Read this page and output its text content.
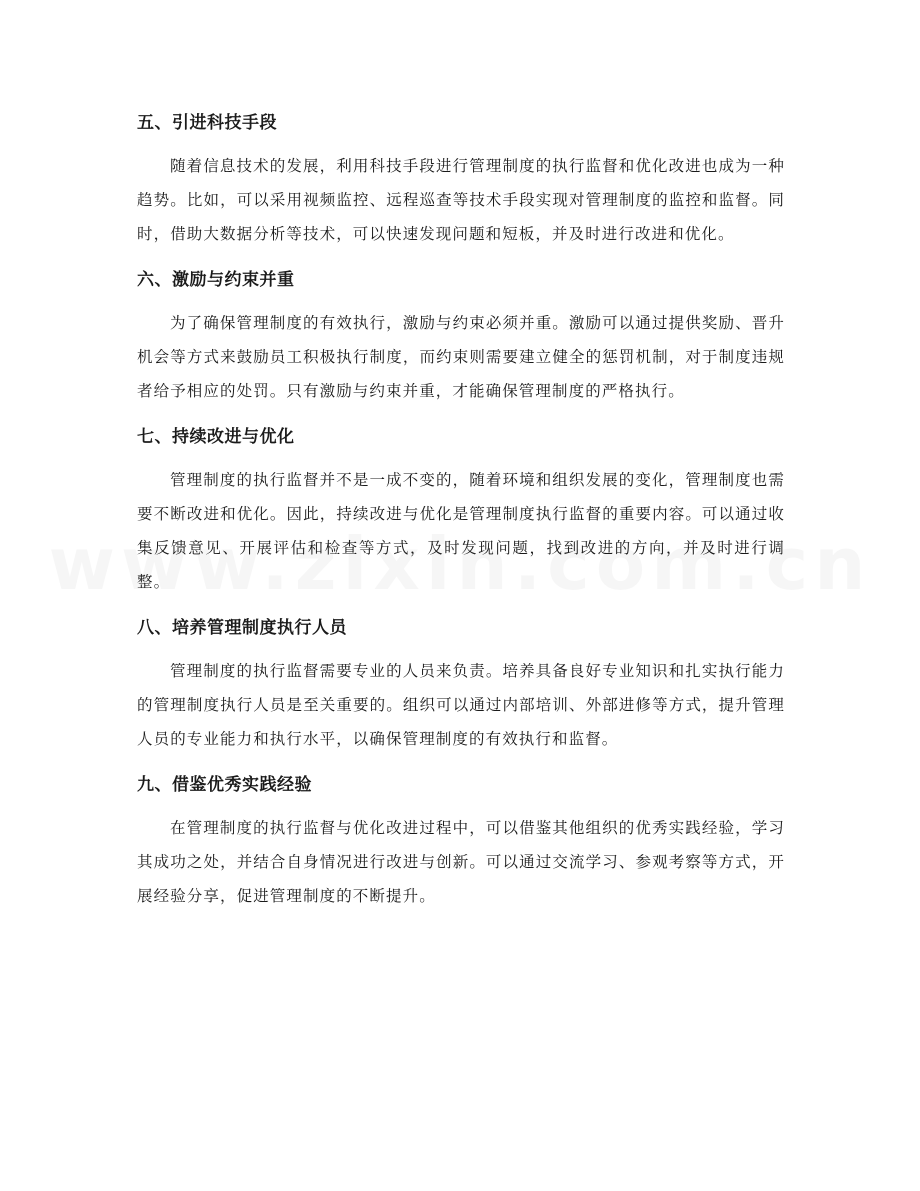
五、引进科技手段

随着信息技术的发展，利用科技手段进行管理制度的执行监督和优化改进也成为一种趋势。比如，可以采用视频监控、远程巡查等技术手段实现对管理制度的监控和监督。同时，借助大数据分析等技术，可以快速发现问题和短板，并及时进行改进和优化。

六、激励与约束并重

为了确保管理制度的有效执行，激励与约束必须并重。激励可以通过提供奖励、晋升机会等方式来鼓励员工积极执行制度，而约束则需要建立健全的惩罚机制，对于制度违规者给予相应的处罚。只有激励与约束并重，才能确保管理制度的严格执行。

七、持续改进与优化

管理制度的执行监督并不是一成不变的，随着环境和组织发展的变化，管理制度也需要不断改进和优化。因此，持续改进与优化是管理制度执行监督的重要内容。可以通过收集反馈意见、开展评估和检查等方式，及时发现问题，找到改进的方向，并及时进行调整。

八、培养管理制度执行人员

管理制度的执行监督需要专业的人员来负责。培养具备良好专业知识和扎实执行能力的管理制度执行人员是至关重要的。组织可以通过内部培训、外部进修等方式，提升管理人员的专业能力和执行水平，以确保管理制度的有效执行和监督。

九、借鉴优秀实践经验

在管理制度的执行监督与优化改进过程中，可以借鉴其他组织的优秀实践经验，学习其成功之处，并结合自身情况进行改进与创新。可以通过交流学习、参观考察等方式，开展经验分享，促进管理制度的不断提升。
